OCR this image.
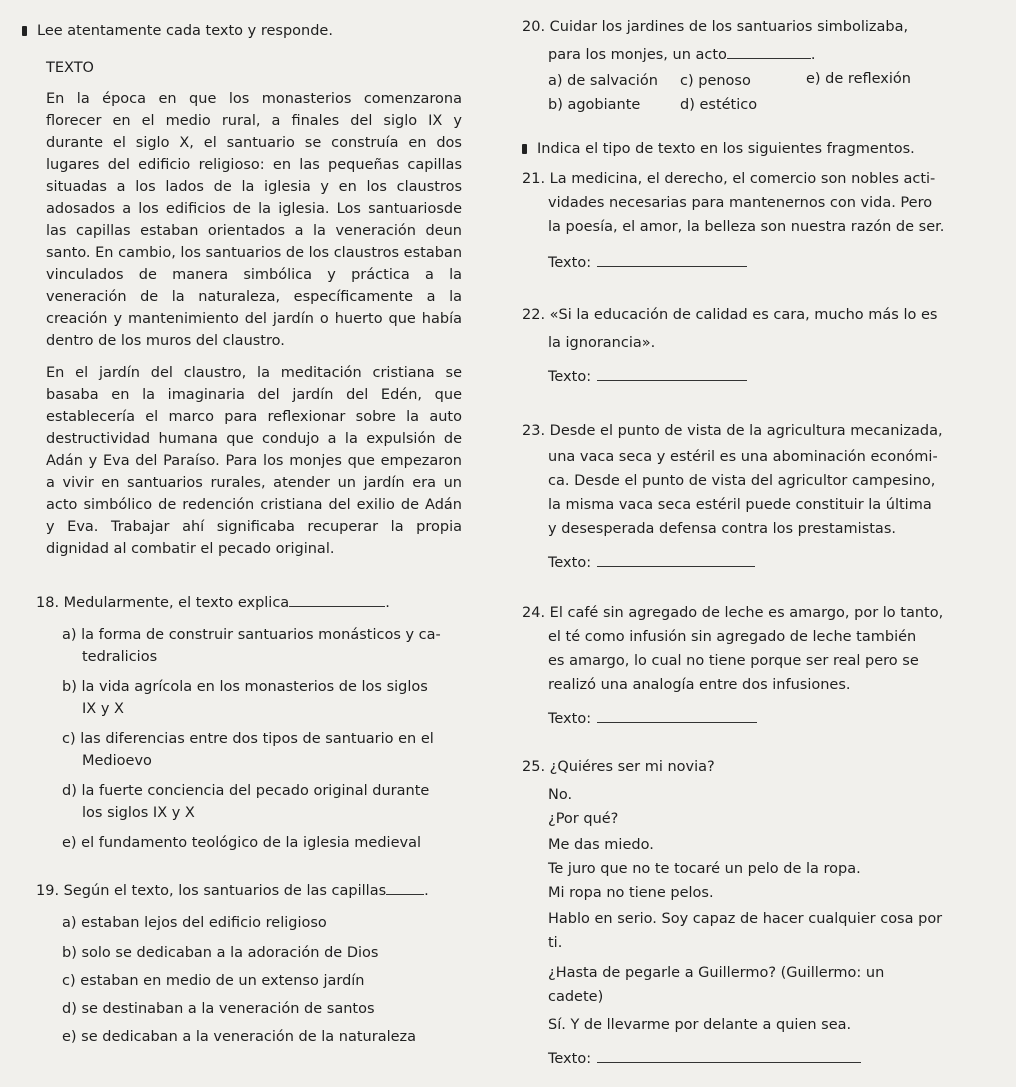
Lee atentamente cada texto y responde.
TEXTO
En la época en que los monasterios comenzarona
florecer en el medio rural, a finales del siglo IX y
durante el siglo X, el santuario se construía en dos
lugares del edificio religioso: en las pequeñas capillas
situadas a los lados de la iglesia y en los claustros
adosados a los edificios de la iglesia. Los santuariosde
las capillas estaban orientados a la veneración deun
santo. En cambio, los santuarios de los claustros estaban
vinculados de manera simbólica y práctica a la
veneración de la naturaleza, específicamente a la
creación y mantenimiento del jardín o huerto que había
dentro de los muros del claustro.
En el jardín del claustro, la meditación cristiana se
basaba en la imaginaria del jardín del Edén, que
establecería el marco para reflexionar sobre la auto
destructividad humana que condujo a la expulsión de
Adán y Eva del Paraíso. Para los monjes que empezaron
a vivir en santuarios rurales, atender un jardín era un
acto simbólico de redención cristiana del exilio de Adán
y Eva. Trabajar ahí significaba recuperar la propia
dignidad al combatir el pecado original.
18. Medularmente, el texto explica	.
a) la forma de construir santuarios monásticos y ca-
tedralicios
b) la vida agrícola en los monasterios de los siglos
IX y X
c) las diferencias entre dos tipos de santuario en el
Medioevo
d) la fuerte conciencia del pecado original durante
los siglos IX y X
e) el fundamento teológico de la iglesia medieval
19. Según el texto, los santuarios de las capillas	.
a) estaban lejos del edificio religioso
b) solo se dedicaban a la adoración de Dios
c) estaban en medio de un extenso jardín
d) se destinaban a la veneración de santos
e) se dedicaban a la veneración de la naturaleza
20. Cuidar los jardines de los santuarios simbolizaba,
para los monjes, un acto	.
a) de salvación c) penoso	e) de reflexión
b) agobiante	d) estético
Indica el tipo de texto en los siguientes fragmentos.
21. La medicina, el derecho, el comercio son nobles acti-
vidades necesarias para mantenernos con vida. Pero
la poesía, el amor, la belleza son nuestra razón de ser.
Texto:
22. «Si la educación de calidad es cara, mucho más lo es
la ignorancia».
Texto:
23. Desde el punto de vista de la agricultura mecanizada,
una vaca seca y estéril es una abominación económi-
ca. Desde el punto de vista del agricultor campesino,
la misma vaca seca estéril puede constituir la última
y desesperada defensa contra los prestamistas.
Texto:
24. El café sin agregado de leche es amargo, por lo tanto,
el té como infusión sin agregado de leche también
es amargo, lo cual no tiene porque ser real pero se
realizó una analogía entre dos infusiones.
Texto:
25. ¿Quiéres ser mi novia?
No.
¿Por qué?
Me das miedo.
Te juro que no te tocaré un pelo de la ropa.
Mi ropa no tiene pelos.
Hablo en serio. Soy capaz de hacer cualquier cosa por
ti.
¿Hasta de pegarle a Guillermo? (Guillermo: un
cadete)
Sí. Y de llevarme por delante a quien sea.
Texto:
